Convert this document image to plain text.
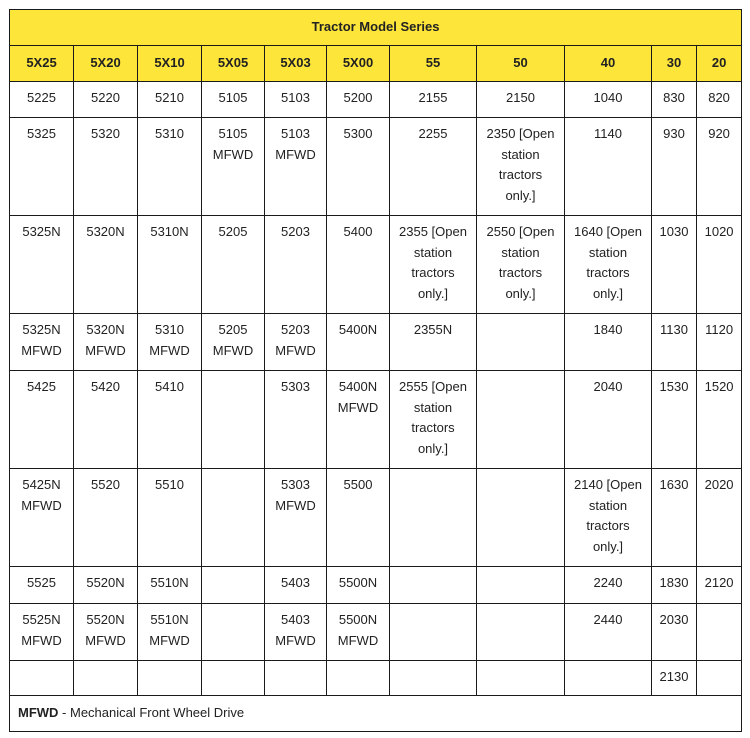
Tractor Model Series										
5X25	5X20	5X10	5X05	5X03	5X00	55	50	40	30	20

5225	5220	5210	5105	5103	5200	2155	2150	1040	830	820

5325	5320	5310	5105
MFWD	5103
MFWD	5300	2255	2350 [Open
station
tractors
only.]	1140	930	920

5325N	5320N	5310N	5205	5203	5400	2355 [Open
station
tractors
only.]	2550 [Open
station
tractors
only.]	1640 [Open
station
tractors
only.]	1030	1020

5325N
MFWD	5320N
MFWD	5310
MFWD	5205
MFWD	5203
MFWD	5400N	2355N		1840	1130	1120

5425	5420	5410		5303	5400N
MFWD	2555 [Open
station
tractors
only.]		2040	1530	1520

5425N
MFWD	5520	5510		5303
MFWD	5500			2140 [Open
station
tractors
only.]	1630	2020

5525	5520N	5510N		5403	5500N			2240	1830	2120

5525N
MFWD	5520N
MFWD	5510N
MFWD		5403
MFWD	5500N
MFWD			2440	2030	

									2130	

MFWD - Mechanical Front Wheel Drive										
